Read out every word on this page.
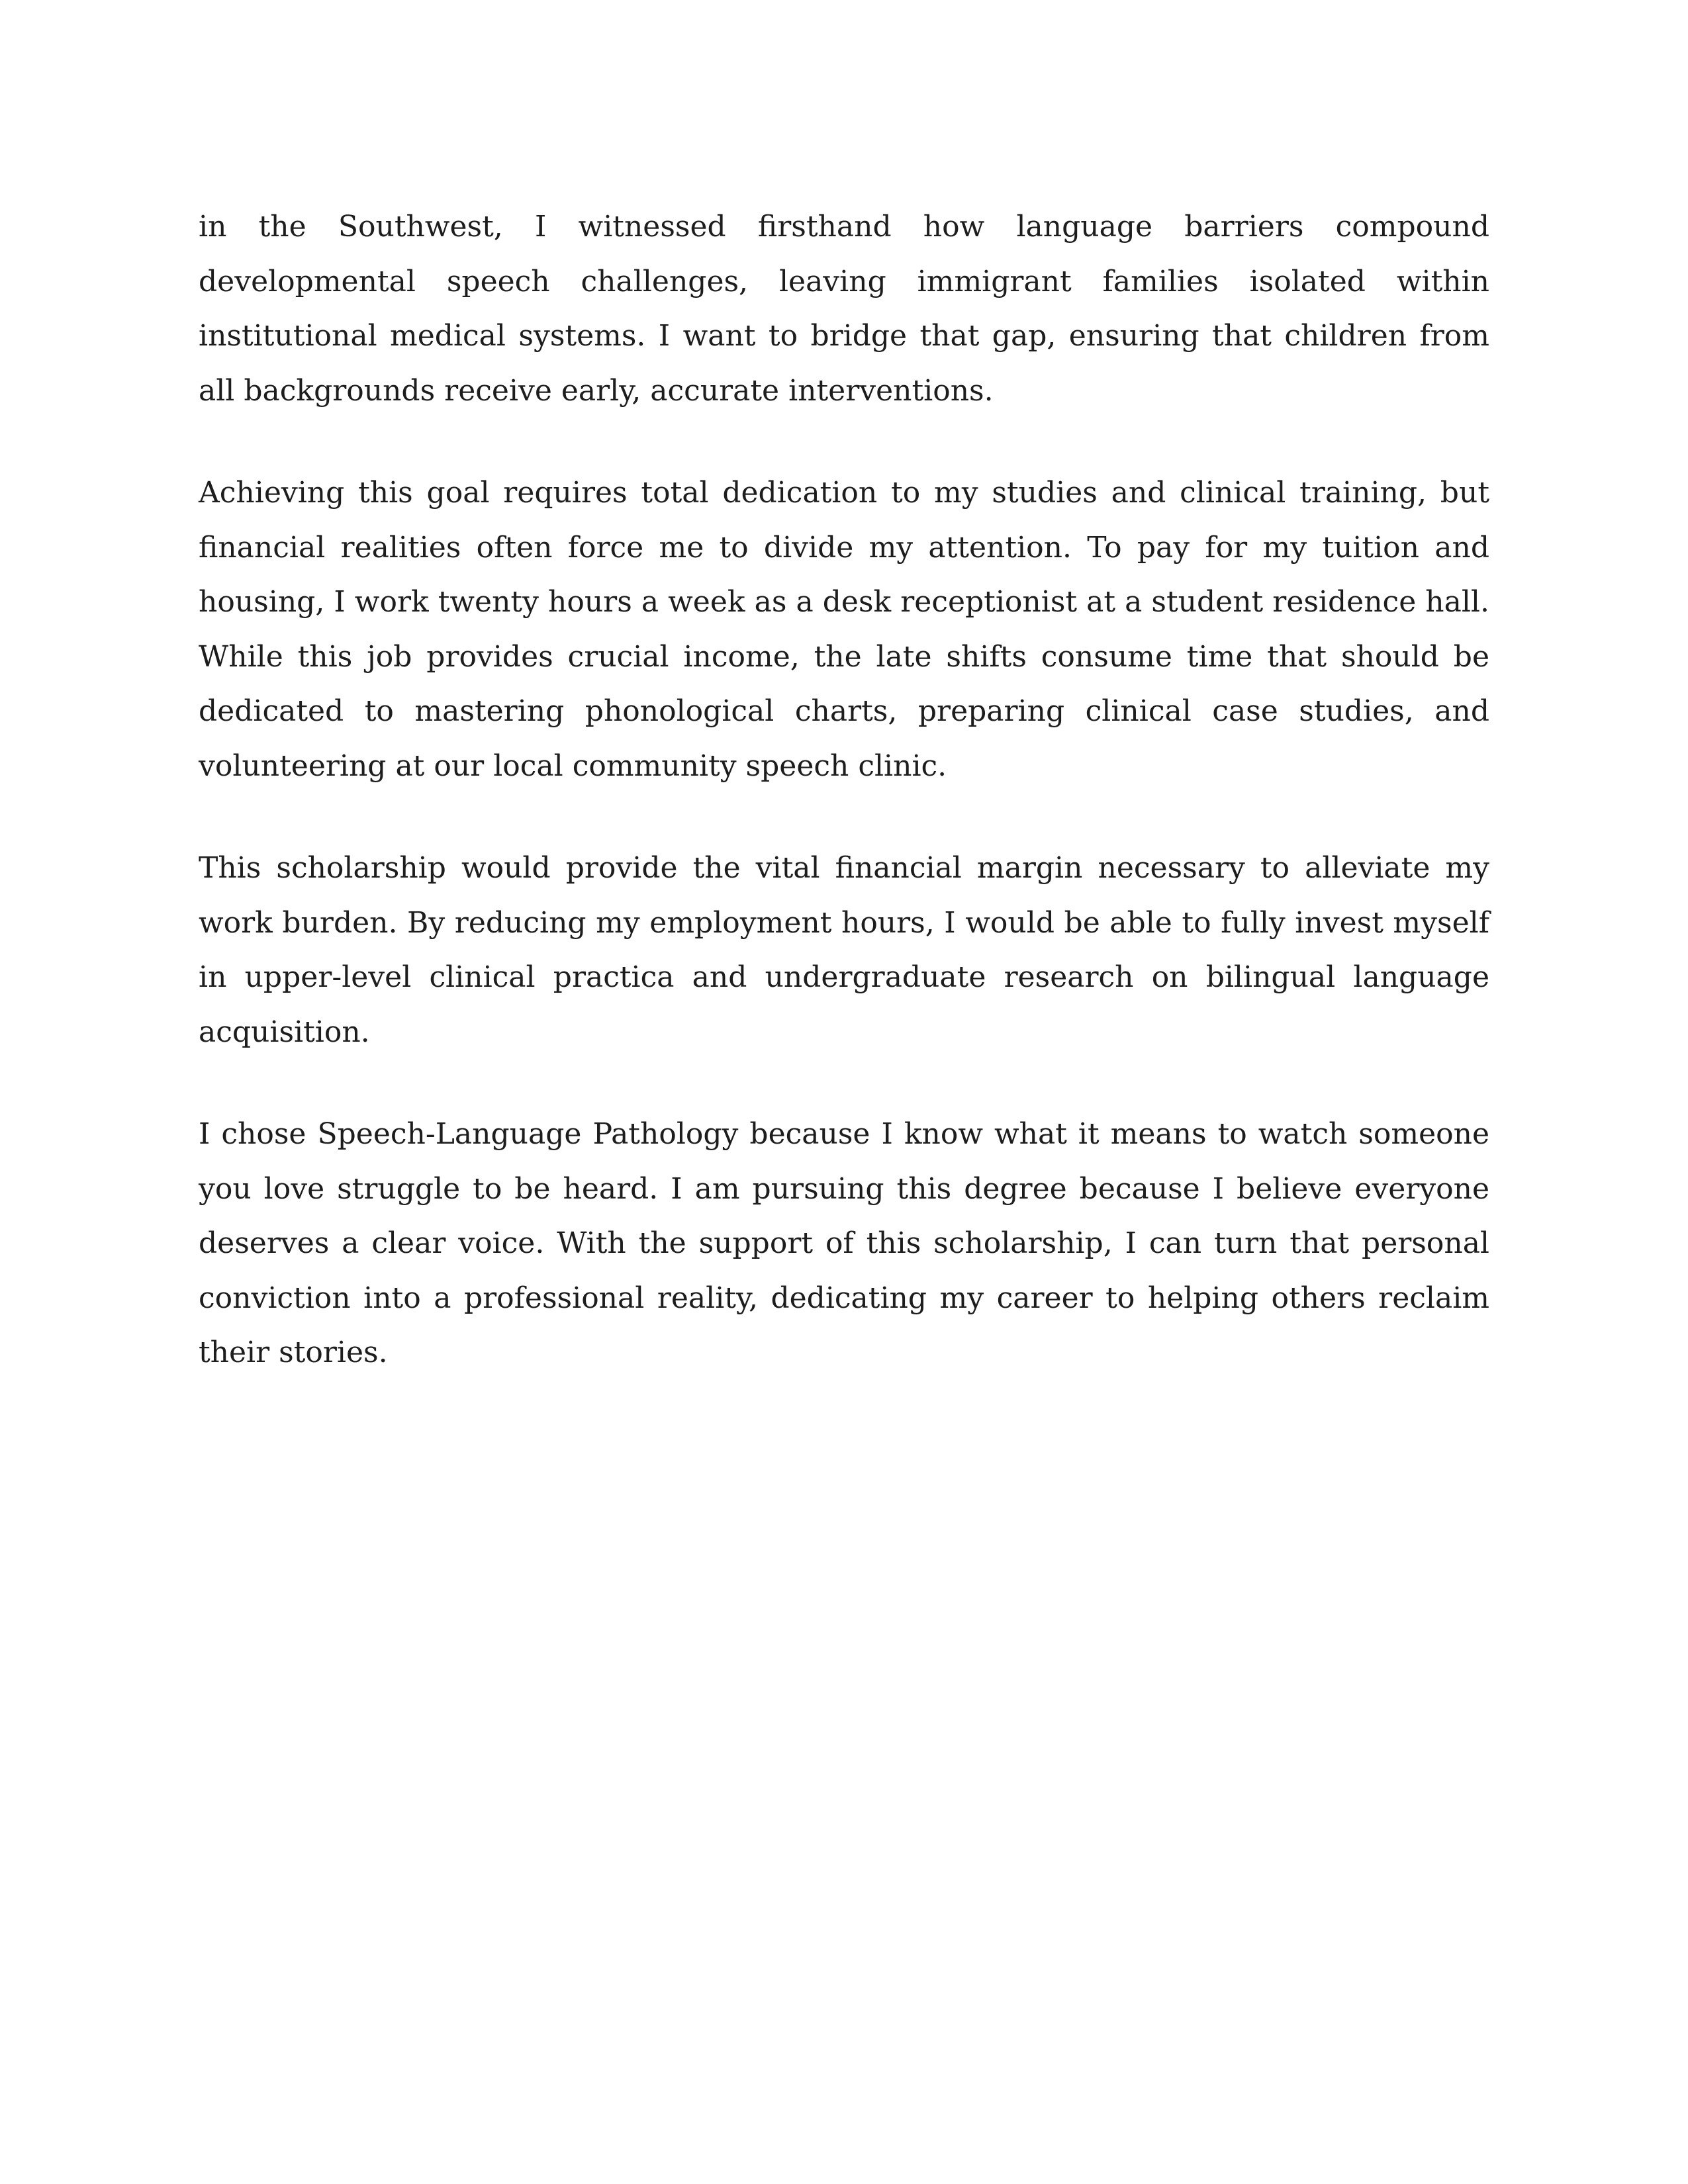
in the Southwest, I witnessed firsthand how language barriers compound developmental speech challenges, leaving immigrant families isolated within institutional medical systems. I want to bridge that gap, ensuring that children from all backgrounds receive early, accurate interventions.

Achieving this goal requires total dedication to my studies and clinical training, but financial realities often force me to divide my attention. To pay for my tuition and housing, I work twenty hours a week as a desk receptionist at a student residence hall. While this job provides crucial income, the late shifts consume time that should be dedicated to mastering phonological charts, preparing clinical case studies, and volunteering at our local community speech clinic.

This scholarship would provide the vital financial margin necessary to alleviate my work burden. By reducing my employment hours, I would be able to fully invest myself in upper-level clinical practica and undergraduate research on bilingual language acquisition.

I chose Speech-Language Pathology because I know what it means to watch someone you love struggle to be heard. I am pursuing this degree because I believe everyone deserves a clear voice. With the support of this scholarship, I can turn that personal conviction into a professional reality, dedicating my career to helping others reclaim their stories.
